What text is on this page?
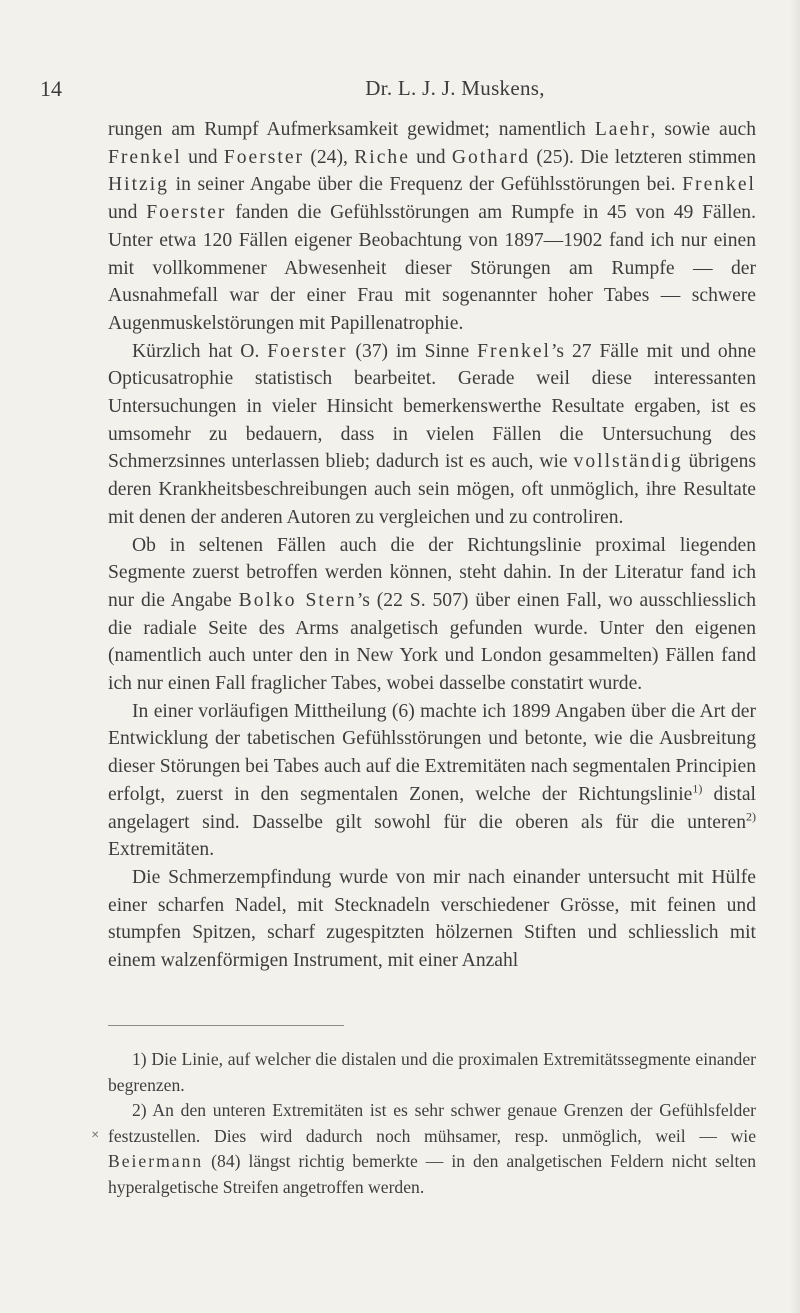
14	Dr. L. J. J. Muskens,

rungen am Rumpf Aufmerksamkeit gewidmet; namentlich Laehr, sowie auch Frenkel und Foerster (24), Riche und Gothard (25). Die letzteren stimmen Hitzig in seiner Angabe über die Frequenz der Gefühlsstörungen bei. Frenkel und Foerster fanden die Gefühlsstörungen am Rumpfe in 45 von 49 Fällen. Unter etwa 120 Fällen eigener Beobachtung von 1897—1902 fand ich nur einen mit vollkommener Abwesenheit dieser Störungen am Rumpfe — der Ausnahmefall war der einer Frau mit sogenannter hoher Tabes — schwere Augenmuskelstörungen mit Papillenatrophie.

Kürzlich hat O. Foerster (37) im Sinne Frenkel’s 27 Fälle mit und ohne Opticusatrophie statistisch bearbeitet. Gerade weil diese interessanten Untersuchungen in vieler Hinsicht bemerkenswerthe Resultate ergaben, ist es umsomehr zu bedauern, dass in vielen Fällen die Untersuchung des Schmerzsinnes unterlassen blieb; dadurch ist es auch, wie vollständig übrigens deren Krankheitsbeschreibungen auch sein mögen, oft unmöglich, ihre Resultate mit denen der anderen Autoren zu vergleichen und zu controliren.

Ob in seltenen Fällen auch die der Richtungslinie proximal liegenden Segmente zuerst betroffen werden können, steht dahin. In der Literatur fand ich nur die Angabe Bolko Stern’s (22 S. 507) über einen Fall, wo ausschliesslich die radiale Seite des Arms analgetisch gefunden wurde. Unter den eigenen (namentlich auch unter den in New York und London gesammelten) Fällen fand ich nur einen Fall fraglicher Tabes, wobei dasselbe constatirt wurde.

In einer vorläufigen Mittheilung (6) machte ich 1899 Angaben über die Art der Entwicklung der tabetischen Gefühlsstörungen und betonte, wie die Ausbreitung dieser Störungen bei Tabes auch auf die Extremitäten nach segmentalen Principien erfolgt, zuerst in den segmentalen Zonen, welche der Richtungslinie$^{1)}$ distal angelagert sind. Dasselbe gilt sowohl für die oberen als für die unteren$^{2)}$ Extremitäten.

Die Schmerzempfindung wurde von mir nach einander untersucht mit Hülfe einer scharfen Nadel, mit Stecknadeln verschiedener Grösse, mit feinen und stumpfen Spitzen, scharf zugespitzten hölzernen Stiften und schliesslich mit einem walzenförmigen Instrument, mit einer Anzahl

1) Die Linie, auf welcher die distalen und die proximalen Extremitätssegmente einander begrenzen.

2) An den unteren Extremitäten ist es sehr schwer genaue Grenzen der Gefühlsfelder festzustellen. Dies wird dadurch noch mühsamer, resp. unmöglich, weil — wie Beiermann (84) längst richtig bemerkte — in den analgetischen Feldern nicht selten hyperalgetische Streifen angetroffen werden.

✕
